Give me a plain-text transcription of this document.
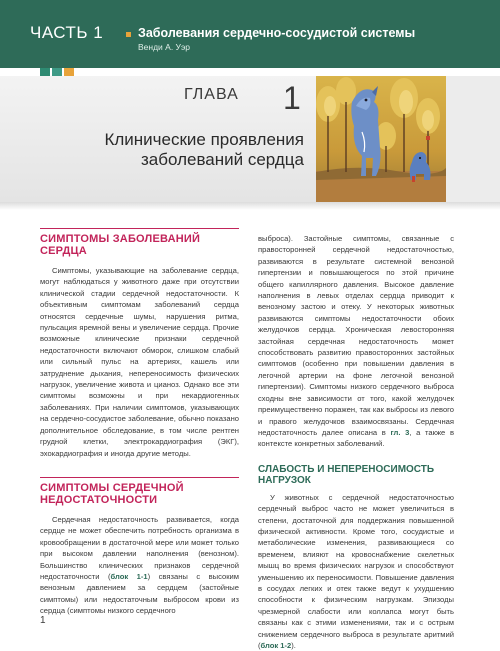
ЧАСТЬ 1	Заболевания сердечно-сосудистой системы
Венди А. Уэр
ГЛАВА 1
Клинические проявления
заболеваний сердца
СИМПТОМЫ ЗАБОЛЕВАНИЙ
СЕРДЦА

Симптомы, указывающие на заболевание сердца, могут наблюдаться у животного даже при отсутствии клинической стадии сердечной недостаточности. К объективным симптомам заболеваний сердца относятся сердечные шумы, нарушения ритма, пульсация яремной вены и увеличение сердца. Прочие возможные клинические признаки сердечной недостаточности включают обморок, слишком слабый или сильный пульс на артериях, кашель или затруднение дыхания, непереносимость физических нагрузок, увеличение живота и цианоз. Однако все эти симптомы возможны и при некардиогенных заболеваниях. При наличии симптомов, указывающих на сердечно-сосудистое заболевание, обычно показано дополнительное обследование, в том числе рентген грудной клетки, электрокардиография (ЭКГ), эхокардиография и иногда другие методы.

СИМПТОМЫ СЕРДЕЧНОЙ
НЕДОСТАТОЧНОСТИ

Сердечная недостаточность развивается, когда сердце не может обеспечить потребность организма в кровообращении в достаточной мере или может только при высоком давлении наполнения (венозном). Большинство клинических признаков сердечной недостаточности (блок 1-1) связаны с высоким венозным давлением за сердцем (застойные симптомы) или недостаточным выбросом крови из сердца (симптомы низкого сердечного

выброса). Застойные симптомы, связанные с правосторонней сердечной недостаточностью, развиваются в результате системной венозной гипертензии и повышающегося по этой причине общего капиллярного давления. Высокое давление наполнения в левых отделах сердца приводит к венозному застою и отеку. У некоторых животных развиваются симптомы недостаточности обоих желудочков сердца. Хроническая левосторонняя застойная сердечная недостаточность может способствовать развитию правосторонних застойных симптомов (особенно при повышении давления в легочной артерии на фоне легочной венозной гипертензии). Симптомы низкого сердечного выброса сходны вне зависимости от того, какой желудочек преимущественно поражен, так как выбросы из левого и правого желудочков взаимосвязаны. Сердечная недостаточность далее описана в гл. 3, а также в контексте конкретных заболеваний.

СЛАБОСТЬ И НЕПЕРЕНОСИМОСТЬ
НАГРУЗОК

У животных с сердечной недостаточностью сердечный выброс часто не может увеличиться в степени, достаточной для поддержания повышенной физической активности. Кроме того, сосудистые и метаболические изменения, развивающиеся со временем, влияют на кровоснабжение скелетных мышц во время физических нагрузок и способствуют уменьшению их переносимости. Повышение давления в сосудах легких и отек также ведут к ухудшению способности к физическим нагрузкам. Эпизоды чрезмерной слабости или коллапса могут быть связаны как с этими изменениями, так и с острым снижением сердечного выброса в результате аритмий (блок 1-2).

1
